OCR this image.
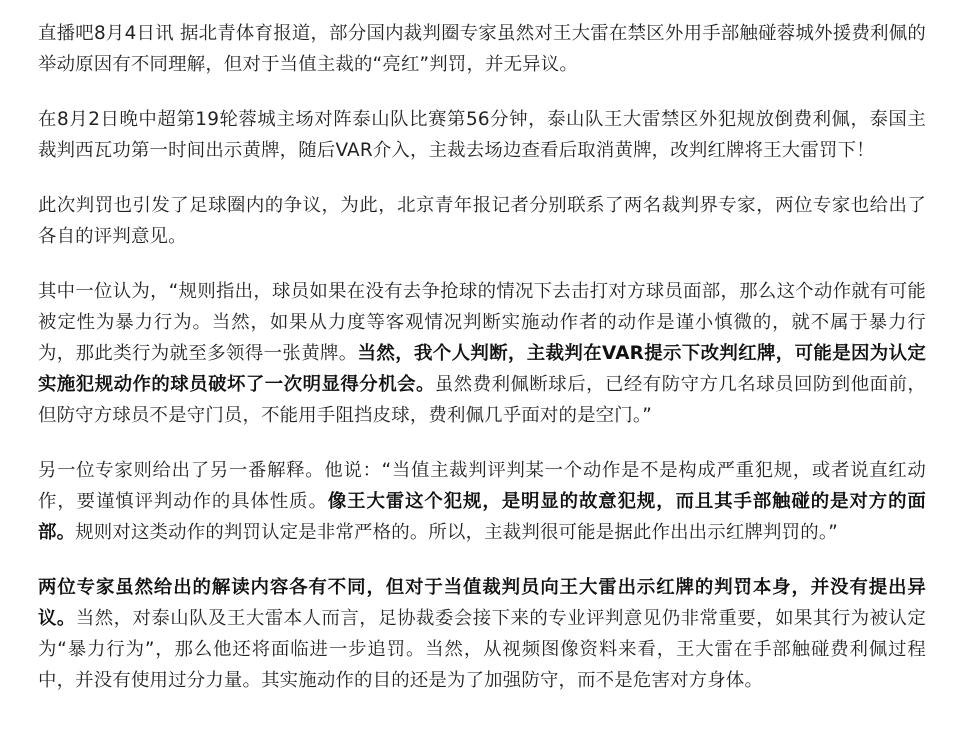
直播吧8月4日讯 据北青体育报道，部分国内裁判圈专家虽然对王大雷在禁区外用手部触碰蓉城外援费利佩的举动原因有不同理解，但对于当值主裁的“亮红”判罚，并无异议。

在8月2日晚中超第19轮蓉城主场对阵泰山队比赛第56分钟，泰山队王大雷禁区外犯规放倒费利佩，泰国主裁判西瓦功第一时间出示黄牌，随后VAR介入，主裁去场边查看后取消黄牌，改判红牌将王大雷罚下！

此次判罚也引发了足球圈内的争议，为此，北京青年报记者分别联系了两名裁判界专家，两位专家也给出了各自的评判意见。

其中一位认为，“规则指出，球员如果在没有去争抢球的情况下去击打对方球员面部，那么这个动作就有可能被定性为暴力行为。当然，如果从力度等客观情况判断实施动作者的动作是谨小慎微的，就不属于暴力行为，那此类行为就至多领得一张黄牌。当然，我个人判断，主裁判在VAR提示下改判红牌，可能是因为认定实施犯规动作的球员破坏了一次明显得分机会。虽然费利佩断球后，已经有防守方几名球员回防到他面前，但防守方球员不是守门员，不能用手阻挡皮球，费利佩几乎面对的是空门。”

另一位专家则给出了另一番解释。他说：“当值主裁判评判某一个动作是不是构成严重犯规，或者说直红动作，要谨慎评判动作的具体性质。像王大雷这个犯规，是明显的故意犯规，而且其手部触碰的是对方的面部。规则对这类动作的判罚认定是非常严格的。所以，主裁判很可能是据此作出出示红牌判罚的。”

两位专家虽然给出的解读内容各有不同，但对于当值裁判员向王大雷出示红牌的判罚本身，并没有提出异议。当然，对泰山队及王大雷本人而言，足协裁委会接下来的专业评判意见仍非常重要，如果其行为被认定为“暴力行为”，那么他还将面临进一步追罚。当然，从视频图像资料来看，王大雷在手部触碰费利佩过程中，并没有使用过分力量。其实施动作的目的还是为了加强防守，而不是危害对方身体。
